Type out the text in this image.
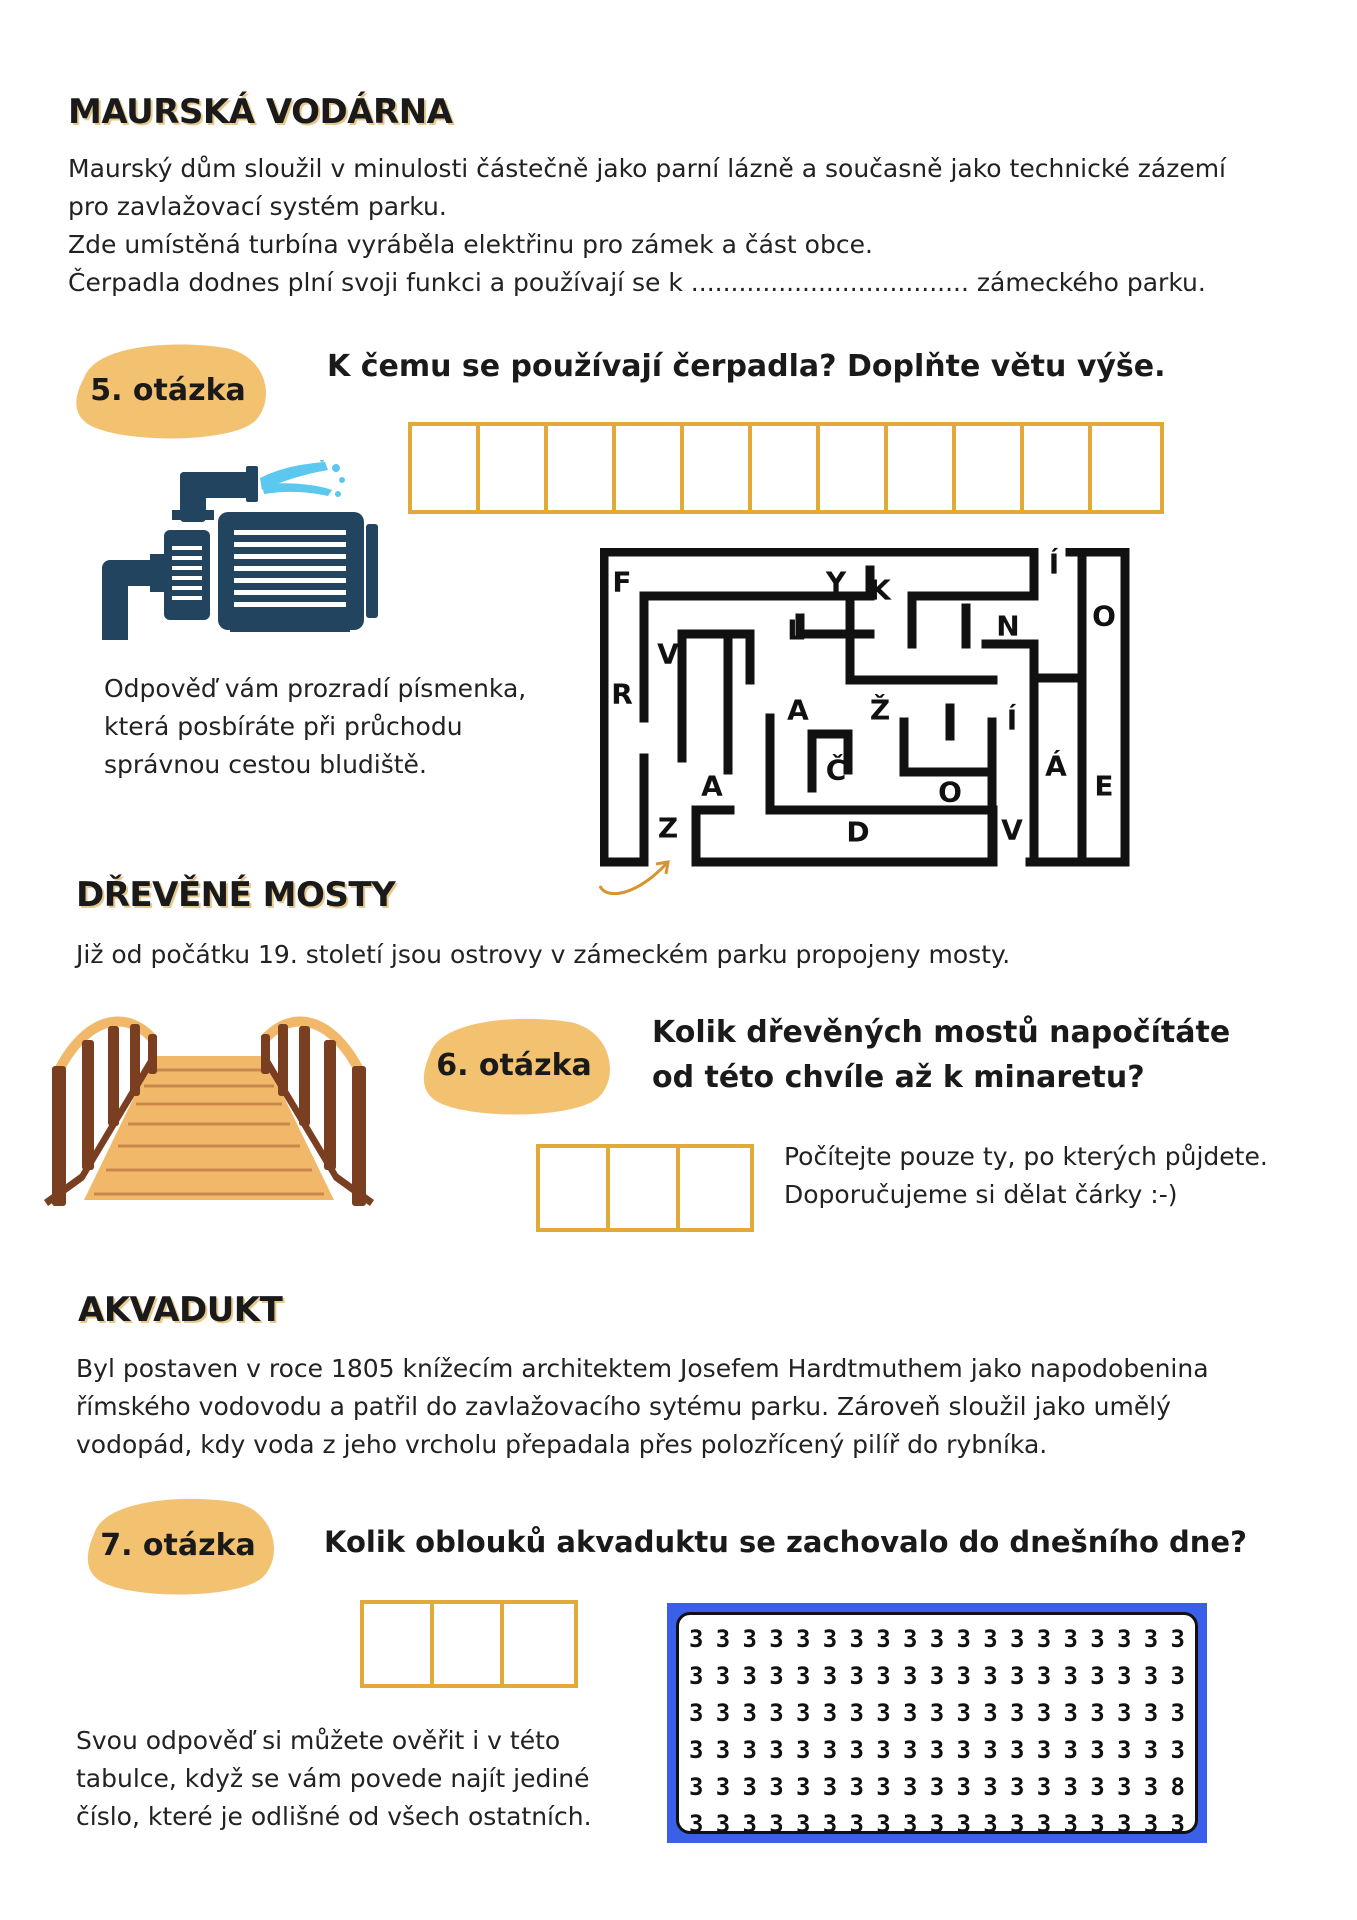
MAURSKÁ VODÁRNA
Maurský dům sloužil v minulosti částečně jako parní lázně a současně jako technické zázemí
pro zavlažovací systém parku.
Zde umístěná turbína vyráběla elektřinu pro zámek a část obce.
Čerpadla dodnes plní svoji funkci a používají se k ................................... zámeckého parku.
5. otázka
K čemu se používají čerpadla? Doplňte větu výše.
Odpověď vám prozradí písmenka,
která posbíráte při průchodu
správnou cestou bludiště.
F	Y K
Í
O
L	N
V
R	A Ž	Í
Á
Č
A	O	E
Z	D	V
DŘEVĚNÉ MOSTY
Již od počátku 19. století jsou ostrovy v zámeckém parku propojeny mosty.
6. otázka
Kolik dřevěných mostů napočítáte
od této chvíle až k minaretu?
Počítejte pouze ty, po kterých půjdete.
Doporučujeme si dělat čárky :-)
AKVADUKT
Byl postaven v roce 1805 knížecím architektem Josefem Hardtmuthem jako napodobenina
římského vodovodu a patřil do zavlažovacího sytému parku. Zároveň sloužil jako umělý
vodopád, kdy voda z jeho vrcholu přepadala přes polozřícený pilíř do rybníka.
7. otázka Kolik oblouků akvaduktu se zachovalo do dnešního dne?
Svou odpověď si můžete ověřit i v této
tabulce, když se vám povede najít jediné
číslo, které je odlišné od všech ostatních.
3 3 3 3 3 3 3 3 3 3 3 3 3 3 3 3 3 3 3
3 3 3 3 3 3 3 3 3 3 3 3 3 3 3 3 3 3 3
3 3 3 3 3 3 3 3 3 3 3 3 3 3 3 3 3 3 3
3 3 3 3 3 3 3 3 3 3 3 3 3 3 3 3 3 3 3
3 3 3 3 3 3 3 3 3 3 3 3 3 3 3 3 3 3 8
3 3 3 3 3 3 3 3 3 3 3 3 3 3 3 3 3 3 3
